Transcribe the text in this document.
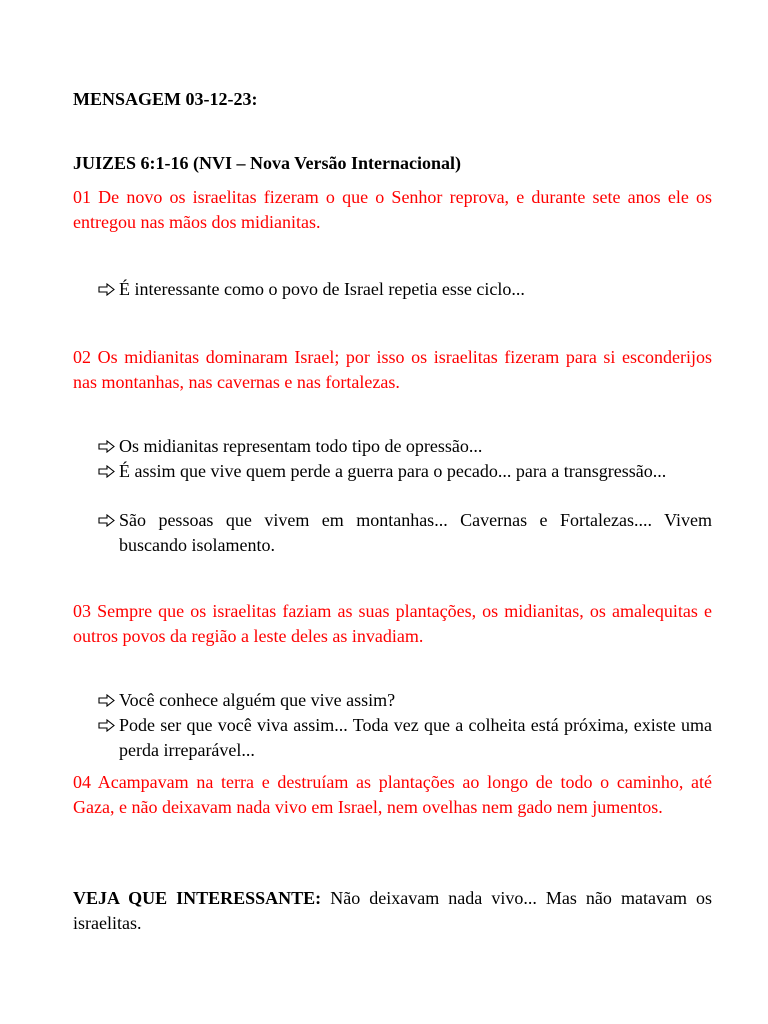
MENSAGEM 03-12-23:
JUIZES 6:1-16 (NVI – Nova Versão Internacional)
01 De novo os israelitas fizeram o que o Senhor reprova, e durante sete anos ele os entregou nas mãos dos midianitas.
É interessante como o povo de Israel repetia esse ciclo...
02 Os midianitas dominaram Israel; por isso os israelitas fizeram para si esconderijos nas montanhas, nas cavernas e nas fortalezas.
Os midianitas representam todo tipo de opressão...
É assim que vive quem perde a guerra para o pecado... para a transgressão...
São pessoas que vivem em montanhas... Cavernas e Fortalezas.... Vivem buscando isolamento.
03 Sempre que os israelitas faziam as suas plantações, os midianitas, os amalequitas e outros povos da região a leste deles as invadiam.
Você conhece alguém que vive assim?
Pode ser que você viva assim... Toda vez que a colheita está próxima, existe uma perda irreparável...
04 Acampavam na terra e destruíam as plantações ao longo de todo o caminho, até Gaza, e não deixavam nada vivo em Israel, nem ovelhas nem gado nem jumentos.
VEJA QUE INTERESSANTE: Não deixavam nada vivo... Mas não matavam os israelitas.
